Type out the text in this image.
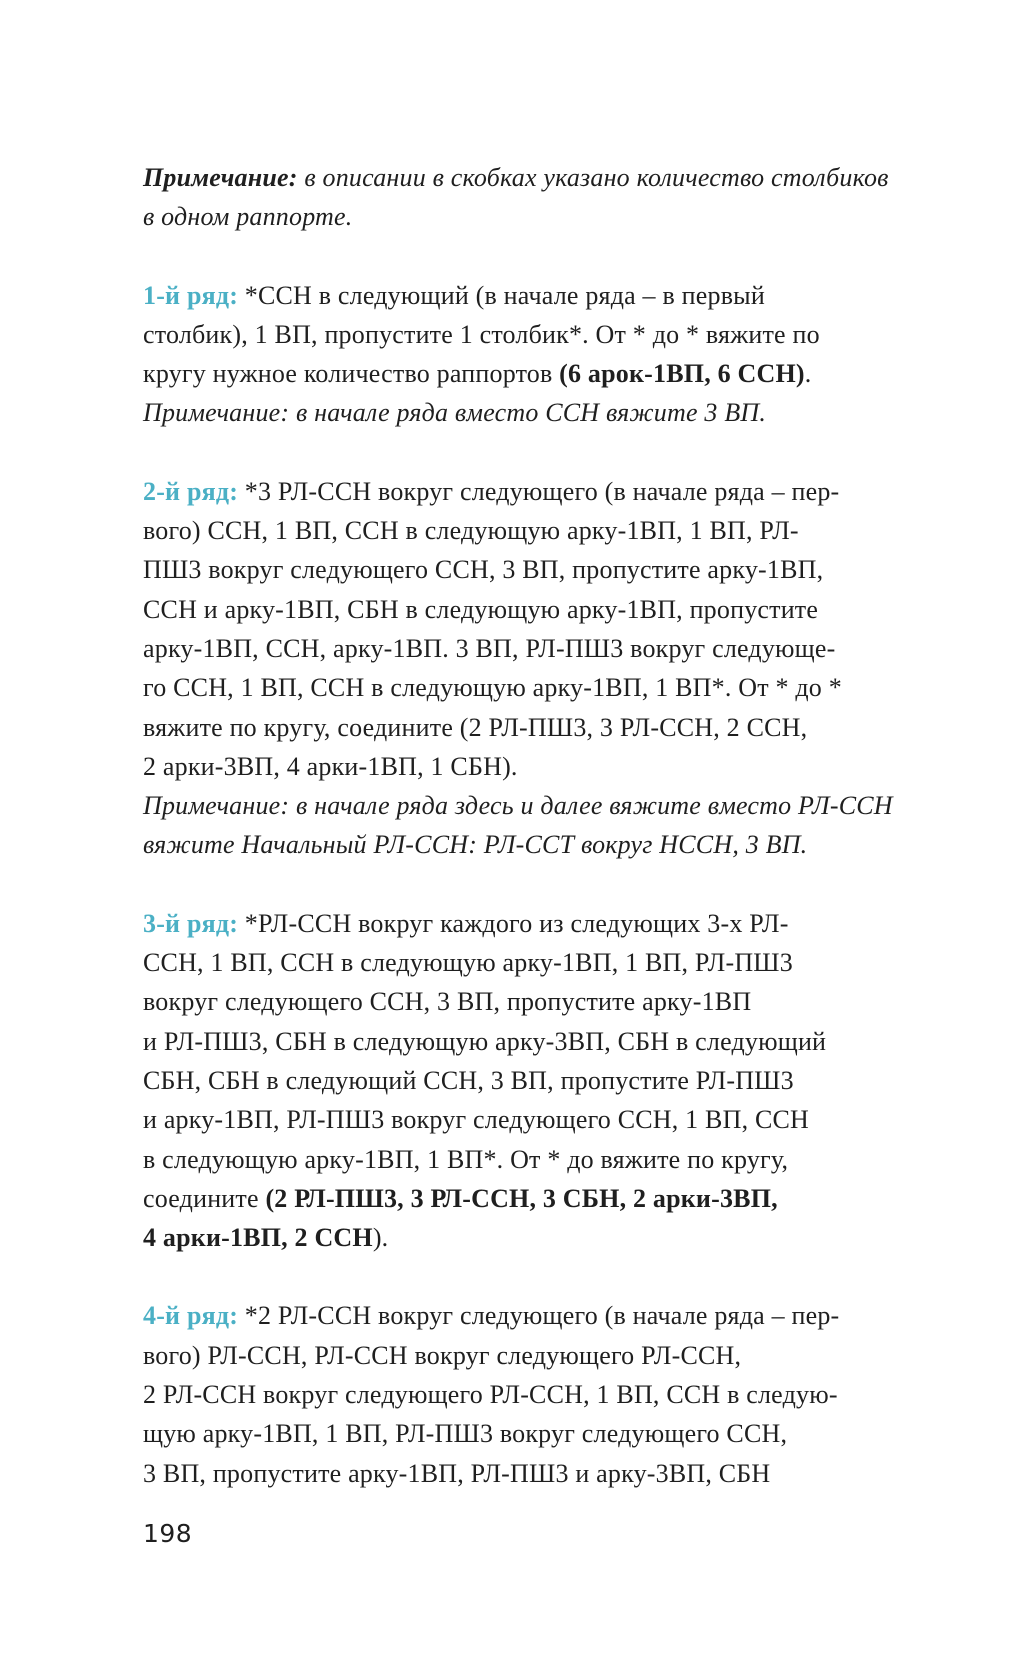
Примечание: в описании в скобках указано количество столбиков
в одном раппорте.
1-й ряд: *ССН в следующий (в начале ряда – в первый
столбик), 1 ВП, пропустите 1 столбик*. От * до * вяжите по
кругу нужное количество раппортов (6 арок-1ВП, 6 ССН).
Примечание: в начале ряда вместо ССН вяжите 3 ВП.
2-й ряд: *3 РЛ-ССН вокруг следующего (в начале ряда – пер-
вого) ССН, 1 ВП, ССН в следующую арку-1ВП, 1 ВП, РЛ-
ПШ3 вокруг следующего ССН, 3 ВП, пропустите арку-1ВП,
ССН и арку-1ВП, СБН в следующую арку-1ВП, пропустите
арку-1ВП, ССН, арку-1ВП. 3 ВП, РЛ-ПШ3 вокруг следующе-
го ССН, 1 ВП, ССН в следующую арку-1ВП, 1 ВП*. От * до *
вяжите по кругу, соедините (2 РЛ-ПШ3, 3 РЛ-ССН, 2 ССН,
2 арки-3ВП, 4 арки-1ВП, 1 СБН).
Примечание: в начале ряда здесь и далее вяжите вместо РЛ-ССН
вяжите Начальный РЛ-ССН: РЛ-ССТ вокруг НССН, 3 ВП.
3-й ряд: *РЛ-ССН вокруг каждого из следующих 3-х РЛ-
ССН, 1 ВП, ССН в следующую арку-1ВП, 1 ВП, РЛ-ПШ3
вокруг следующего ССН, 3 ВП, пропустите арку-1ВП
и РЛ-ПШ3, СБН в следующую арку-3ВП, СБН в следующий
СБН, СБН в следующий ССН, 3 ВП, пропустите РЛ-ПШ3
и арку-1ВП, РЛ-ПШ3 вокруг следующего ССН, 1 ВП, ССН
в следующую арку-1ВП, 1 ВП*. От * до вяжите по кругу,
соедините (2 РЛ-ПШ3, 3 РЛ-ССН, 3 СБН, 2 арки-3ВП,
4 арки-1ВП, 2 ССН).
4-й ряд: *2 РЛ-ССН вокруг следующего (в начале ряда – пер-
вого) РЛ-ССН, РЛ-ССН вокруг следующего РЛ-ССН,
2 РЛ-ССН вокруг следующего РЛ-ССН, 1 ВП, ССН в следую-
щую арку-1ВП, 1 ВП, РЛ-ПШ3 вокруг следующего ССН,
3 ВП, пропустите арку-1ВП, РЛ-ПШ3 и арку-3ВП, СБН
198
